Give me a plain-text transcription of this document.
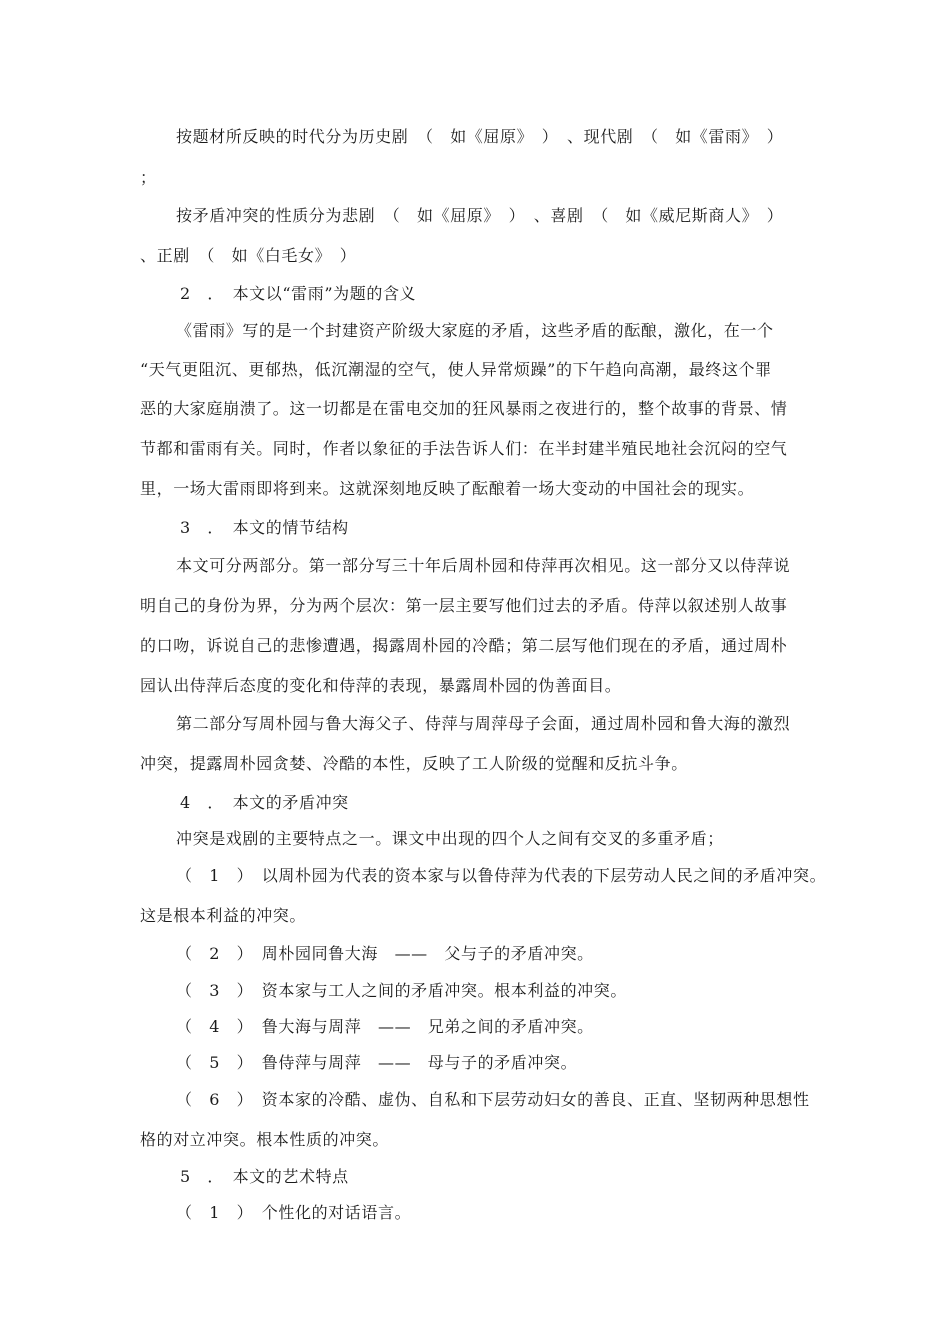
按题材所反映的时代分为历史剧　（　如《屈原》　）　、现代剧　（　如《雷雨》　）
；
按矛盾冲突的性质分为悲剧　（　如《屈原》　）　、喜剧　（　如《威尼斯商人》　）
、正剧　（　如《白毛女》　）
2　．　本文以“雷雨”为题的含义
《雷雨》写的是一个封建资产阶级大家庭的矛盾，这些矛盾的酝酿，激化，在一个
“天气更阻沉、更郁热，低沉潮湿的空气，使人异常烦躁”的下午趋向高潮，最终这个罪
恶的大家庭崩溃了。这一切都是在雷电交加的狂风暴雨之夜进行的，整个故事的背景、情
节都和雷雨有关。同时，作者以象征的手法告诉人们：在半封建半殖民地社会沉闷的空气
里，一场大雷雨即将到来。这就深刻地反映了酝酿着一场大变动的中国社会的现实。
3　．　本文的情节结构
本文可分两部分。第一部分写三十年后周朴园和侍萍再次相见。这一部分又以侍萍说
明自己的身份为界，分为两个层次：第一层主要写他们过去的矛盾。侍萍以叙述别人故事
的口吻，诉说自己的悲惨遭遇，揭露周朴园的冷酷；第二层写他们现在的矛盾，通过周朴
园认出侍萍后态度的变化和侍萍的表现，暴露周朴园的伪善面目。
第二部分写周朴园与鲁大海父子、侍萍与周萍母子会面，通过周朴园和鲁大海的激烈
冲突，提露周朴园贪婪、冷酷的本性，反映了工人阶级的觉醒和反抗斗争。
4　．　本文的矛盾冲突
冲突是戏剧的主要特点之一。课文中出现的四个人之间有交叉的多重矛盾；
（　1　）　以周朴园为代表的资本家与以鲁侍萍为代表的下层劳动人民之间的矛盾冲突。
这是根本利益的冲突。
（　2　）　周朴园同鲁大海　——　父与子的矛盾冲突。
（　3　）　资本家与工人之间的矛盾冲突。根本利益的冲突。
（　4　）　鲁大海与周萍　——　兄弟之间的矛盾冲突。
（　5　）　鲁侍萍与周萍　——　母与子的矛盾冲突。
（　6　）　资本家的冷酷、虚伪、自私和下层劳动妇女的善良、正直、坚韧两种思想性
格的对立冲突。根本性质的冲突。
5　．　本文的艺术特点
（　1　）　个性化的对话语言。
